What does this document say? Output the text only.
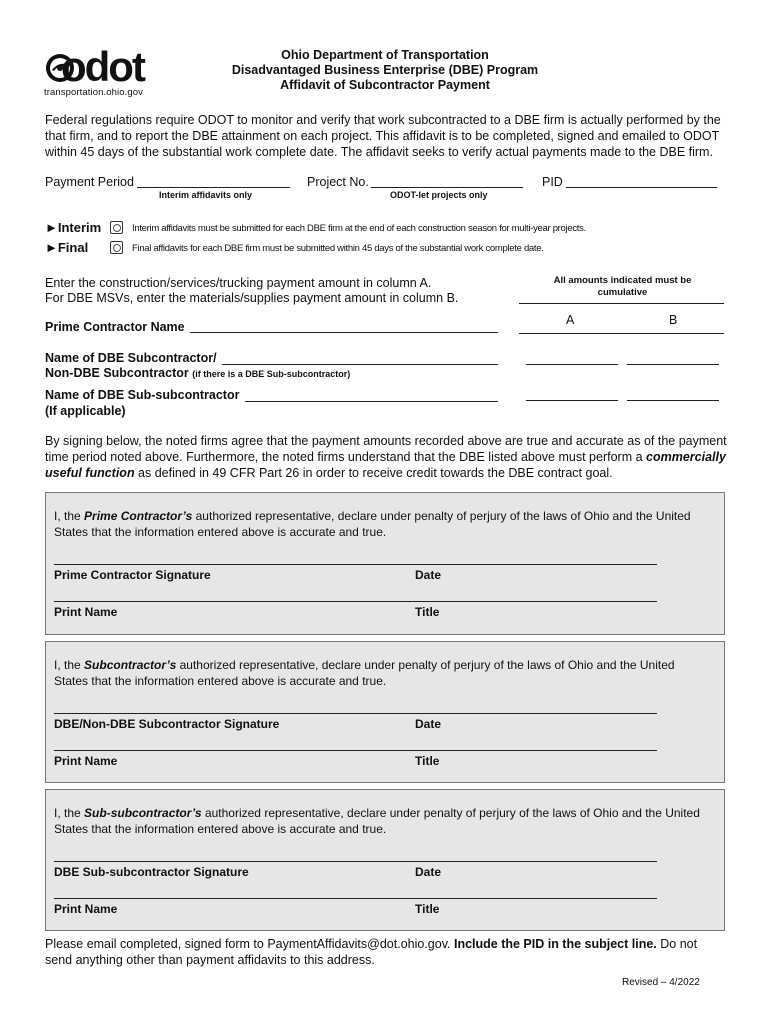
odot
transportation.ohio.gov
Ohio Department of Transportation
Disadvantaged Business Enterprise (DBE) Program
Affidavit of Subcontractor Payment
Federal regulations require ODOT to monitor and verify that work subcontracted to a DBE firm is actually performed by the that firm, and to report the DBE attainment on each project. This affidavit is to be completed, signed and emailed to ODOT within 45 days of the substantial work complete date. The affidavit seeks to verify actual payments made to the DBE firm.
Payment Period
Interim affidavits only
Project No.
ODOT-let projects only
PID
►Interim	Interim affidavits must be submitted for each DBE firm at the end of each construction season for multi-year projects.
►Final	Final affidavits for each DBE firm must be submitted within 45 days of the substantial work complete date.
Enter the construction/services/trucking payment amount in column A.
For DBE MSVs, enter the materials/supplies payment amount in column B.
All amounts indicated must be cumulative
A	B
Prime Contractor Name
Name of DBE Subcontractor/
Non-DBE Subcontractor (if there is a DBE Sub-subcontractor)
Name of DBE Sub-subcontractor
(If applicable)
By signing below, the noted firms agree that the payment amounts recorded above are true and accurate as of the payment time period noted above. Furthermore, the noted firms understand that the DBE listed above must perform a commercially useful function as defined in 49 CFR Part 26 in order to receive credit towards the DBE contract goal.
I, the Prime Contractor’s authorized representative, declare under penalty of perjury of the laws of Ohio and the United States that the information entered above is accurate and true.
Prime Contractor Signature	Date
Print Name	Title
I, the Subcontractor’s authorized representative, declare under penalty of perjury of the laws of Ohio and the United States that the information entered above is accurate and true.
DBE/Non-DBE Subcontractor Signature	Date
Print Name	Title
I, the Sub-subcontractor’s authorized representative, declare under penalty of perjury of the laws of Ohio and the United States that the information entered above is accurate and true.
DBE Sub-subcontractor Signature	Date
Print Name	Title
Please email completed, signed form to PaymentAffidavits@dot.ohio.gov. Include the PID in the subject line. Do not send anything other than payment affidavits to this address.
Revised – 4/2022
